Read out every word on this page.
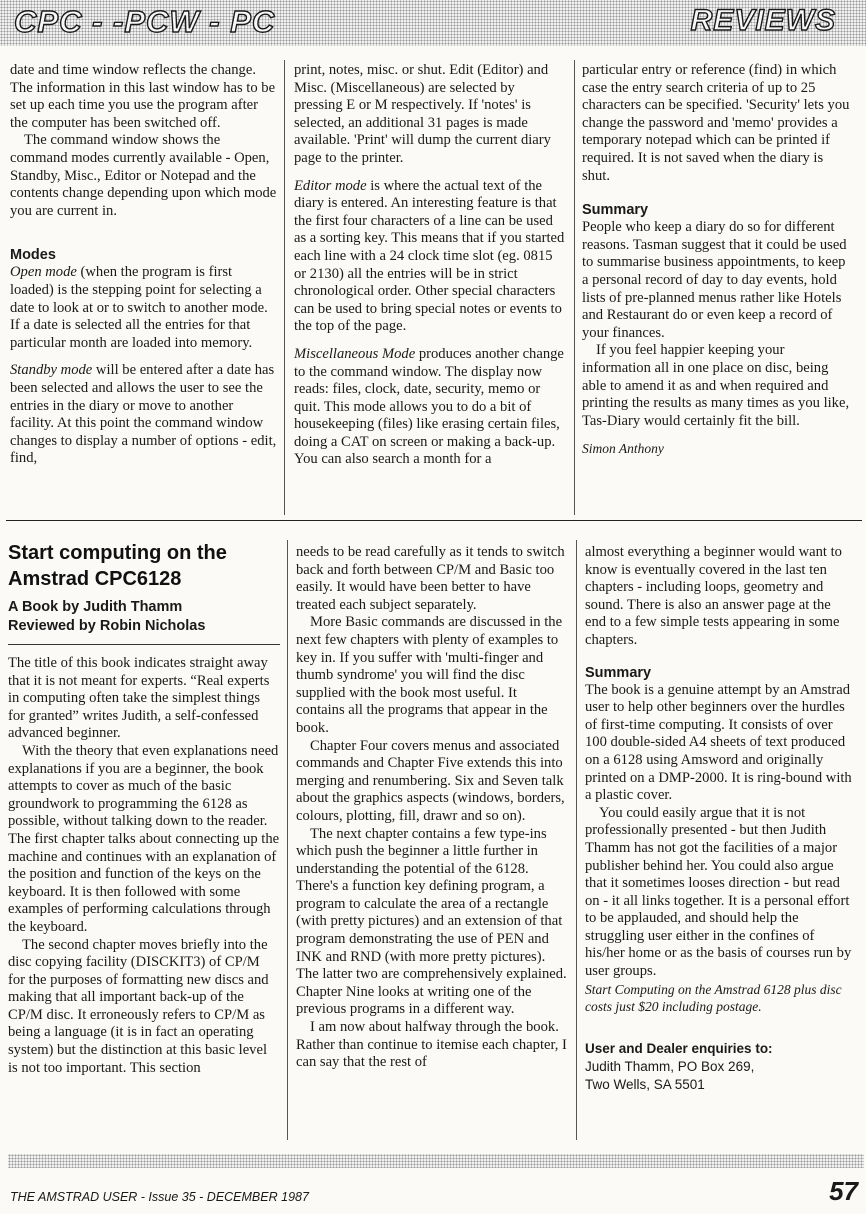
CPC - -PCW - PC	REVIEWS

date and time window reflects the change. The information in this last window has to be set up each time you use the program after the computer has been switched off.

The command window shows the command modes currently available - Open, Standby, Misc., Editor or Notepad and the contents change depending upon which mode you are current in.

Modes

Open mode (when the program is first loaded) is the stepping point for selecting a date to look at or to switch to another mode. If a date is selected all the entries for that particular month are loaded into memory.

Standby mode will be entered after a date has been selected and allows the user to see the entries in the diary or move to another facility. At this point the command window changes to display a number of options - edit, find,

print, notes, misc. or shut. Edit (Editor) and Misc. (Miscellaneous) are selected by pressing E or M respectively. If 'notes' is selected, an additional 31 pages is made available. 'Print' will dump the current diary page to the printer.

Editor mode is where the actual text of the diary is entered. An interesting feature is that the first four characters of a line can be used as a sorting key. This means that if you started each line with a 24 clock time slot (eg. 0815 or 2130) all the entries will be in strict chronological order. Other special characters can be used to bring special notes or events to the top of the page.

Miscellaneous Mode produces another change to the command window. The display now reads: files, clock, date, security, memo or quit. This mode allows you to do a bit of housekeeping (files) like erasing certain files, doing a CAT on screen or making a back-up. You can also search a month for a

particular entry or reference (find) in which case the entry search criteria of up to 25 characters can be specified. 'Security' lets you change the password and 'memo' provides a temporary notepad which can be printed if required. It is not saved when the diary is shut.

Summary

People who keep a diary do so for different reasons. Tasman suggest that it could be used to summarise business appointments, to keep a personal record of day to day events, hold lists of pre-planned menus rather like Hotels and Restaurant do or even keep a record of your finances.

If you feel happier keeping your information all in one place on disc, being able to amend it as and when required and printing the results as many times as you like, Tas-Diary would certainly fit the bill.

Simon Anthony
Start computing on the Amstrad CPC6128
A Book by Judith Thamm
Reviewed by Robin Nicholas

The title of this book indicates straight away that it is not meant for experts. “Real experts in computing often take the simplest things for granted” writes Judith, a self-confessed advanced beginner.

With the theory that even explanations need explanations if you are a beginner, the book attempts to cover as much of the basic groundwork to programming the 6128 as possible, without talking down to the reader. The first chapter talks about connecting up the machine and continues with an explanation of the position and function of the keys on the keyboard. It is then followed with some examples of performing calculations through the keyboard.

The second chapter moves briefly into the disc copying facility (DISCKIT3) of CP/M for the purposes of formatting new discs and making that all important back-up of the CP/M disc. It erroneously refers to CP/M as being a language (it is in fact an operating system) but the distinction at this basic level is not too important. This section

needs to be read carefully as it tends to switch back and forth between CP/M and Basic too easily. It would have been better to have treated each subject separately.

More Basic commands are discussed in the next few chapters with plenty of examples to key in. If you suffer with 'multi-finger and thumb syndrome' you will find the disc supplied with the book most useful. It contains all the programs that appear in the book.

Chapter Four covers menus and associated commands and Chapter Five extends this into merging and renumbering. Six and Seven talk about the graphics aspects (windows, borders, colours, plotting, fill, drawr and so on).

The next chapter contains a few type-ins which push the beginner a little further in understanding the potential of the 6128. There's a function key defining program, a program to calculate the area of a rectangle (with pretty pictures) and an extension of that program demonstrating the use of PEN and INK and RND (with more pretty pictures). The latter two are comprehensively explained. Chapter Nine looks at writing one of the previous programs in a different way.

I am now about halfway through the book. Rather than continue to itemise each chapter, I can say that the rest of

almost everything a beginner would want to know is eventually covered in the last ten chapters - including loops, geometry and sound. There is also an answer page at the end to a few simple tests appearing in some chapters.

Summary

The book is a genuine attempt by an Amstrad user to help other beginners over the hurdles of first-time computing. It consists of over 100 double-sided A4 sheets of text produced on a 6128 using Amsword and originally printed on a DMP-2000. It is ring-bound with a plastic cover.

You could easily argue that it is not professionally presented - but then Judith Thamm has not got the facilities of a major publisher behind her. You could also argue that it sometimes looses direction - but read on - it all links together. It is a personal effort to be applauded, and should help the struggling user either in the confines of his/her home or as the basis of courses run by user groups.

Start Computing on the Amstrad 6128 plus disc costs just $20 including postage.

User and Dealer enquiries to:
Judith Thamm, PO Box 269,
Two Wells, SA 5501
THE AMSTRAD USER - Issue 35 - DECEMBER 1987	57
